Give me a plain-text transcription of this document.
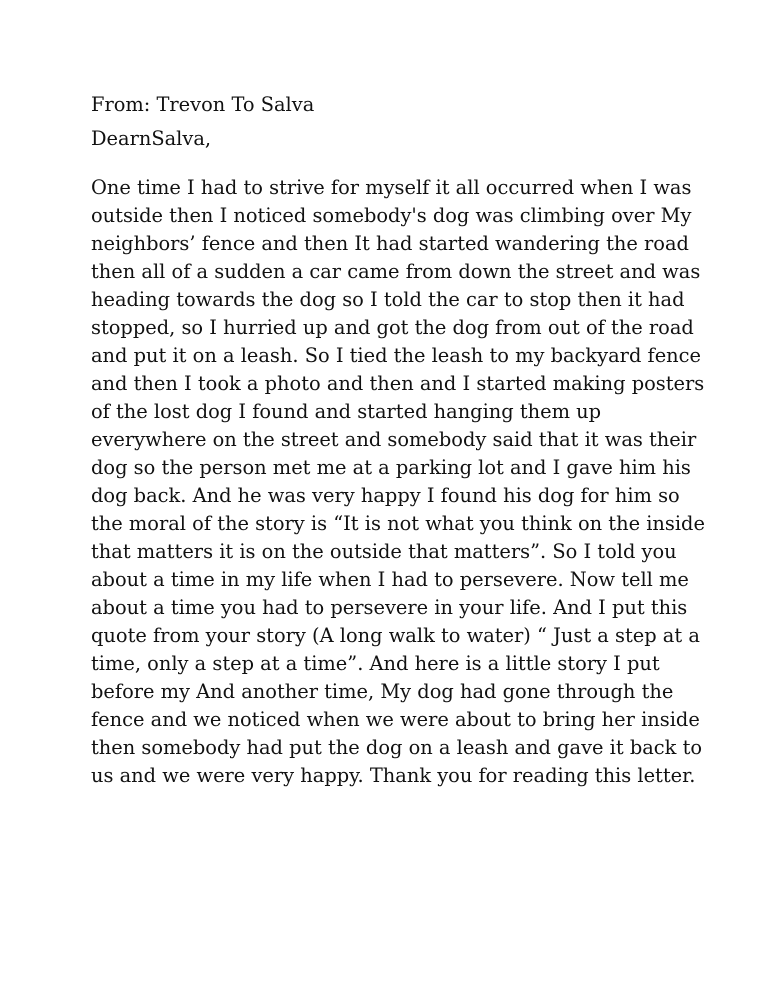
From: Trevon To Salva
DearnSalva,
One time I had to strive for myself it all occurred when I was
outside then I noticed somebody's dog was climbing over My
neighbors’ fence and then It had started wandering the road
then all of a sudden a car came from down the street and was
heading towards the dog so I told the car to stop then it had
stopped, so I hurried up and got the dog from out of the road
and put it on a leash. So I tied the leash to my backyard fence
and then I took a photo and then and I started making posters
of the lost dog I found and started hanging them up
everywhere on the street and somebody said that it was their
dog so the person met me at a parking lot and I gave him his
dog back. And he was very happy I found his dog for him so
the moral of the story is “It is not what you think on the inside
that matters it is on the outside that matters”. So I told you
about a time in my life when I had to persevere. Now tell me
about a time you had to persevere in your life. And I put this
quote from your story (A long walk to water) “ Just a step at a
time, only a step at a time”. And here is a little story I put
before my And another time, My dog had gone through the
fence and we noticed when we were about to bring her inside
then somebody had put the dog on a leash and gave it back to
us and we were very happy. Thank you for reading this letter.
